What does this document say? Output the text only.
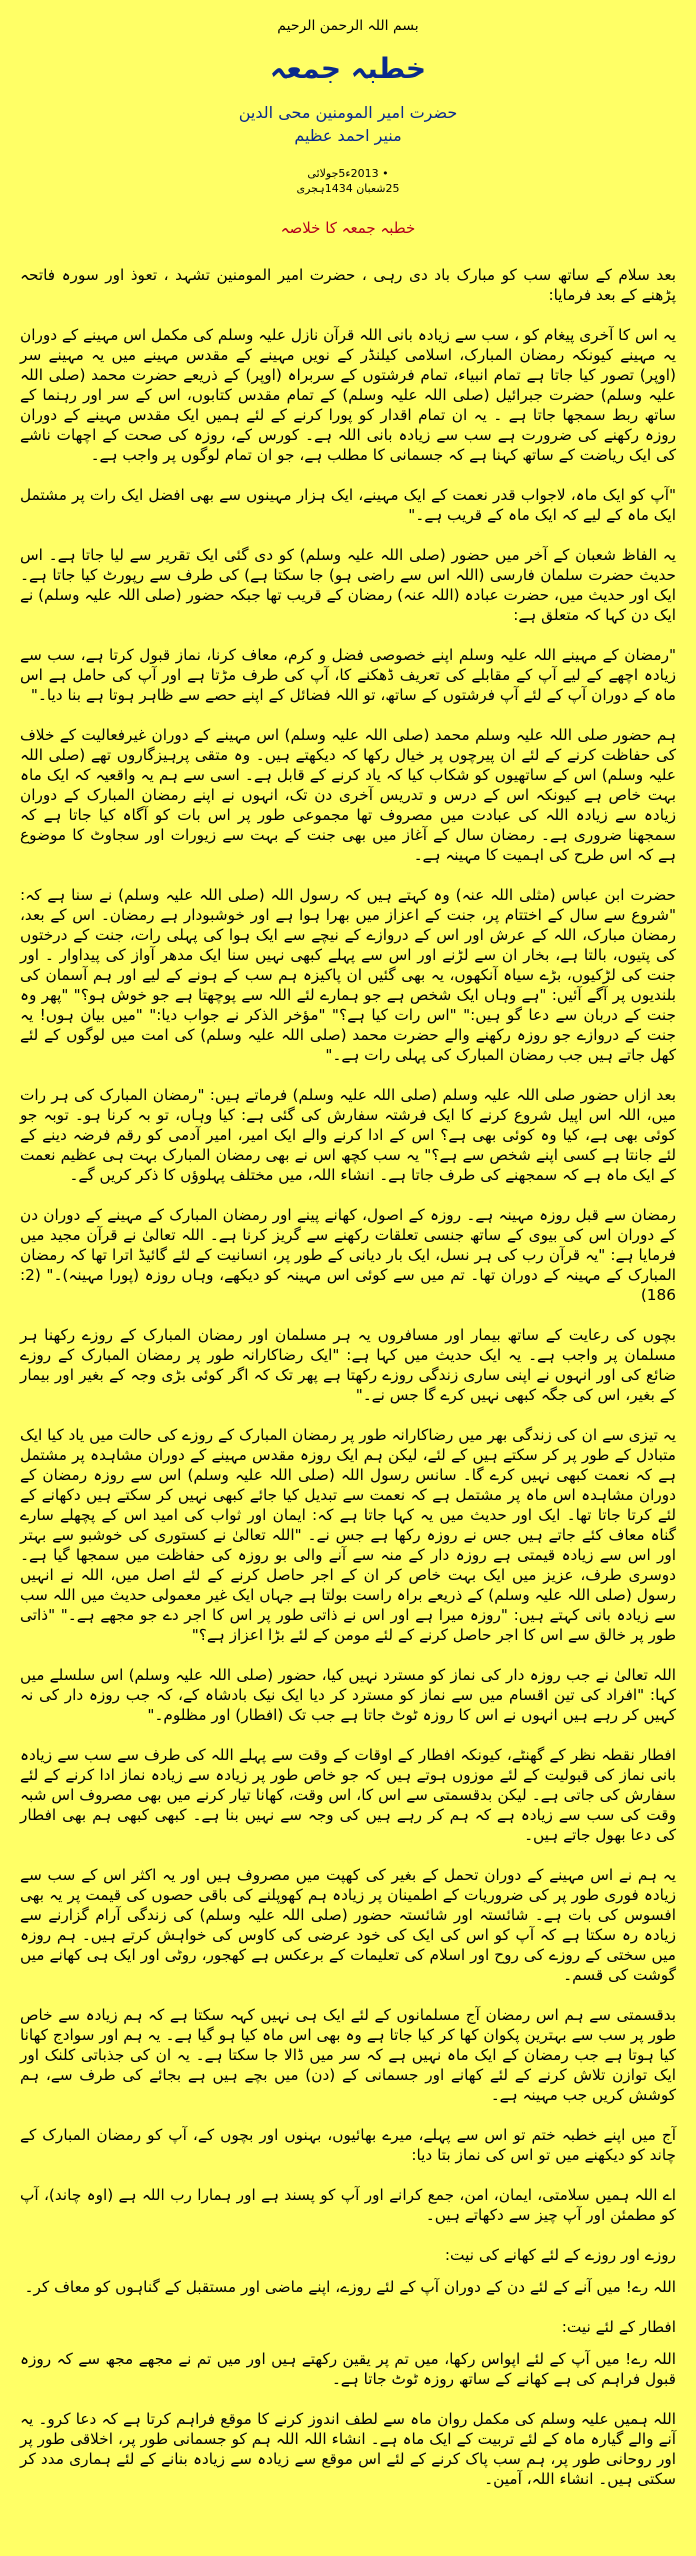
بسم اللہ الرحمن الرحیم
خطبہ جمعہ
حضرت امیر المومنین محی الدین
منیر احمد عظیم
• 2013ء5جولائی
25شعبان 1434ہجری
خطبہ جمعہ کا خلاصہ

بعد سلام کے ساتھ سب کو مبارک باد دی رہی ، حضرت امیر المومنین تشہد ، تعوذ اور سورہ فاتحہ پڑھنے کے بعد فرمایا:

یہ اس کا آخری پیغام کو ، سب سے زیادہ بانی اللہ قرآن نازل علیہ وسلم کی مکمل اس مہینے کے دوران یہ مہینے کیونکہ رمضان المبارک، اسلامی کیلنڈر کے نویں مہینے کے مقدس مہینے میں یہ مہینے سر (اوپر) تصور کیا جاتا ہے تمام انبیاء، تمام فرشتوں کے سربراہ (اوپر) کے ذریعے حضرت محمد (صلی اللہ علیہ وسلم) حضرت جبرائیل (صلی اللہ علیہ وسلم) کے تمام مقدس کتابوں، اس کے سر اور رہنما کے ساتھ ربط سمجھا جاتا ہے ۔ یہ ان تمام اقدار کو پورا کرنے کے لئے ہمیں ایک مقدس مہینے کے دوران روزہ رکھنے کی ضرورت ہے سب سے زیادہ بانی اللہ ہے۔ کورس کے، روزہ کی صحت کے اچھات ناشے کی ایک ریاضت کے ساتھ کہنا ہے کہ جسمانی کا مطلب ہے، جو ان تمام لوگوں پر واجب ہے۔

"آپ کو ایک ماہ، لاجواب قدر نعمت کے ایک مہینے، ایک ہزار مہینوں سے بھی افضل ایک رات پر مشتمل ایک ماہ کے لیے کہ ایک ماہ کے قریب ہے۔"

یہ الفاظ شعبان کے آخر میں حضور (صلی اللہ علیہ وسلم) کو دی گئی ایک تقریر سے لیا جاتا ہے۔ اس حدیث حضرت سلمان فارسی (اللہ اس سے راضی ہو) جا سکتا ہے) کی طرف سے رپورٹ کیا جاتا ہے۔ ایک اور حدیث میں، حضرت عبادہ (اللہ عنہ) رمضان کے قریب تھا جبکہ حضور (صلی اللہ علیہ وسلم) نے ایک دن کہا کہ متعلق ہے:

"رمضان کے مہینے اللہ علیہ وسلم اپنے خصوصی فضل و کرم، معاف کرنا، نماز قبول کرتا ہے، سب سے زیادہ اچھے کے لیے آپ کے مقابلے کی تعریف ڈھکنے کا، آپ کی طرف مڑتا ہے اور آپ کی حامل ہے اس ماہ کے دوران آپ کے لئے آپ فرشتوں کے ساتھ، تو اللہ فضائل کے اپنے حصے سے ظاہر ہوتا ہے بنا دیا۔"

ہم حضور صلی اللہ علیہ وسلم محمد (صلی اللہ علیہ وسلم) اس مہینے کے دوران غیرفعالیت کے خلاف کی حفاظت کرنے کے لئے ان پیرچوں پر خیال رکھا کہ دیکھتے ہیں۔ وہ متقی پرہیزگاروں تھے (صلی اللہ علیہ وسلم) اس کے ساتھیوں کو شکاب کیا کہ یاد کرنے کے قابل ہے۔ اسی سے ہم یہ واقعیہ کہ ایک ماہ بہت خاص ہے کیونکہ اس کے درس و تدریس آخری دن تک، انہوں نے اپنے رمضان المبارک کے دوران زیادہ سے زیادہ اللہ کی عبادت میں مصروف تھا مجموعی طور پر اس بات کو آگاہ کیا جاتا ہے کہ سمجھنا ضروری ہے۔ رمضان سال کے آغاز میں بھی جنت کے بہت سے زیورات اور سجاوٹ کا موضوع ہے کہ اس طرح کی اہمیت کا مہینہ ہے۔

حضرت ابن عباس (مثلی اللہ عنہ) وہ کہتے ہیں کہ رسول اللہ (صلی اللہ علیہ وسلم) نے سنا ہے کہ: "شروع سے سال کے اختتام پر، جنت کے اعزاز میں بھرا ہوا ہے اور خوشبودار ہے رمضان۔ اس کے بعد، رمضان مبارک، اللہ کے عرش اور اس کے دروازے کے نیچے سے ایک ہوا کی پہلی رات، جنت کے درختوں کی پتیوں، بالتا ہے، بخار ان سے لڑنے اور اس سے پہلے کبھی نہیں سنا ایک مدھر آواز کی پیداوار ۔ اور جنت کی لڑکیوں، بڑے سیاہ آنکھوں، یہ بھی گئیں ان پاکیزہ ہم سب کے ہونے کے لیے اور ہم آسمان کی بلندیوں پر آگے آئیں: "ہے وہاں ایک شخص ہے جو ہمارے لئے اللہ سے پوچھتا ہے جو خوش ہو؟" "پھر وہ جنت کے دربان سے دعا گو ہیں:" "اس رات کیا ہے؟" "مؤخر الذکر نے جواب دیا:" "میں بیان ہوں! یہ جنت کے دروازے جو روزہ رکھنے والے حضرت محمد (صلی اللہ علیہ وسلم) کی امت میں لوگوں کے لئے کھل جاتے ہیں جب رمضان المبارک کی پہلی رات ہے۔"

بعد ازاں حضور صلی اللہ علیہ وسلم (صلی اللہ علیہ وسلم) فرماتے ہیں: "رمضان المبارک کی ہر رات میں، اللہ اس اپیل شروع کرنے کا ایک فرشتہ سفارش کی گئی ہے: کیا وہاں، تو بہ کرنا ہو۔ توبہ جو کوئی بھی ہے، کیا وہ کوئی بھی ہے؟ اس کے ادا کرنے والے ایک امیر، امیر آدمی کو رقم فرضہ دینے کے لئے جانتا ہے کسی اپنے شخص سے ہے؟" یہ سب کچھ اس نے بھی رمضان المبارک بہت ہی عظیم نعمت کے ایک ماہ ہے کہ سمجھنے کی طرف جاتا ہے۔ انشاء اللہ، میں مختلف پہلوؤں کا ذکر کریں گے۔

رمضان سے قبل روزہ مہینہ ہے۔ روزہ کے اصول، کھانے پینے اور رمضان المبارک کے مہینے کے دوران دن کے دوران اس کی بیوی کے ساتھ جنسی تعلقات رکھنے سے گریز کرنا ہے۔ اللہ تعالیٰ نے قرآن مجید میں فرمایا ہے: "یہ قرآن رب کی ہر نسل، ایک بار دیانی کے طور پر، انسانیت کے لئے گائیڈ اترا تھا کہ رمضان المبارک کے مہینہ کے دوران تھا۔ تم میں سے کوئی اس مہینہ کو دیکھے، وہاں روزہ (پورا مہینہ)۔" (2: 186)

بچوں کی رعایت کے ساتھ بیمار اور مسافروں یہ ہر مسلمان اور رمضان المبارک کے روزے رکھنا ہر مسلمان پر واجب ہے۔ یہ ایک حدیث میں کہا ہے: "ایک رضاکارانہ طور پر رمضان المبارک کے روزے ضائع کی اور انہوں نے اپنی ساری زندگی روزے رکھتا ہے پھر تک کہ اگر کوئی بڑی وجہ کے بغیر اور بیمار کے بغیر، اس کی جگہ کبھی نہیں کرے گا جس نے۔"

یہ تیزی سے ان کی زندگی بھر میں رضاکارانہ طور پر رمضان المبارک کے روزے کی حالت میں یاد کیا ایک متبادل کے طور پر کر سکتے ہیں کے لئے، لیکن ہم ایک روزہ مقدس مہینے کے دوران مشاہدہ پر مشتمل ہے کہ نعمت کبھی نہیں کرے گا۔ سانس رسول اللہ (صلی اللہ علیہ وسلم) اس سے روزہ رمضان کے دوران مشاہدہ اس ماہ پر مشتمل ہے کہ نعمت سے تبدیل کیا جائے کبھی نہیں کر سکتے ہیں دکھانے کے لئے کرتا جاتا تھا۔ ایک اور حدیث میں یہ کہا جاتا ہے کہ: ایمان اور ثواب کی امید اس کے پچھلے سارے گناہ معاف کئے جاتے ہیں جس نے روزہ رکھا ہے جس نے۔ "اللہ تعالیٰ نے کستوری کی خوشبو سے بہتر اور اس سے زیادہ قیمتی ہے روزہ دار کے منہ سے آنے والی بو روزہ کی حفاظت میں سمجھا گیا ہے۔ دوسری طرف، عزیز میں ایک بہت خاص کر ان کے اجر حاصل کرنے کے لئے اصل میں، اللہ نے انہیں رسول (صلی اللہ علیہ وسلم) کے ذریعے براہ راست بولتا ہے جہاں ایک غیر معمولی حدیث میں اللہ سب سے زیادہ بانی کہتے ہیں: "روزہ میرا ہے اور اس نے ذاتی طور پر اس کا اجر دے جو مجھے ہے۔" "ذاتی طور پر خالق سے اس کا اجر حاصل کرنے کے لئے مومن کے لئے بڑا اعزاز ہے؟"

اللہ تعالیٰ نے جب روزہ دار کی نماز کو مسترد نہیں کیا، حضور (صلی اللہ علیہ وسلم) اس سلسلے میں کہا: "افراد کی تین اقسام میں سے نماز کو مسترد کر دیا ایک نیک بادشاہ کے، کہ جب روزہ دار کی نہ کہیں کر رہے ہیں انہوں نے اس کا روزہ ٹوٹ جاتا ہے جب تک (افطار) اور مظلوم۔"

افطار نقطہ نظر کے گھنٹے، کیونکہ افطار کے اوقات کے وقت سے پہلے اللہ کی طرف سے سب سے زیادہ بانی نماز کی قبولیت کے لئے موزوں ہوتے ہیں کہ جو خاص طور پر زیادہ سے زیادہ نماز ادا کرنے کے لئے سفارش کی جاتی ہے۔ لیکن بدقسمتی سے اس کا، اس وقت، کھانا تیار کرنے میں بھی مصروف اس شبہ وقت کی سب سے زیادہ ہے کہ ہم کر رہے ہیں کی وجہ سے نہیں بنا ہے۔ کبھی کبھی ہم بھی افطار کی دعا بھول جاتے ہیں۔

یہ ہم نے اس مہینے کے دوران تحمل کے بغیر کی کھپت میں مصروف ہیں اور یہ اکثر اس کے سب سے زیادہ فوری طور پر کی ضروریات کے اطمینان پر زیادہ ہم کھوپلنے کی باقی حصوں کی قیمت پر یہ بھی افسوس کی بات ہے۔ شائستہ اور شائستہ حضور (صلی اللہ علیہ وسلم) کی زندگی آرام گزارنے سے زیادہ رہ سکتا ہے کہ آپ کو اس کی ایک کی خود عرضی کی کاوس کی خواہش کرتے ہیں۔ ہم روزہ میں سختی کے روزے کی روح اور اسلام کی تعلیمات کے برعکس ہے کھجور، روٹی اور ایک ہی کھانے میں گوشت کی قسم۔

بدقسمتی سے ہم اس رمضان آج مسلمانوں کے لئے ایک ہی نہیں کہہ سکتا ہے کہ ہم زیادہ سے خاص طور پر سب سے بہترین پکوان کھا کر کیا جاتا ہے وہ بھی اس ماہ کیا ہو گیا ہے۔ یہ ہم اور سوادج کھانا کیا ہوتا ہے جب رمضان کے ایک ماہ نہیں ہے کہ سر میں ڈالا جا سکتا ہے۔ یہ ان کی جذباتی کلنک اور ایک توازن تلاش کرنے کے لئے کھانے اور جسمانی کے (دن) میں بچے ہیں ہے بجائے کی طرف سے، ہم کوشش کریں جب مہینہ ہے۔

آج میں اپنے خطبہ ختم تو اس سے پہلے، میرے بھائیوں، بہنوں اور بچوں کے، آپ کو رمضان المبارک کے چاند کو دیکھنے میں تو اس کی نماز بتا دیا:

اے اللہ ہمیں سلامتی، ایمان، امن، جمع کرانے اور آپ کو پسند ہے اور ہمارا رب اللہ ہے (اوہ چاند)، آپ کو مطمئن اور آپ چیز سے دکھاتے ہیں۔

روزے اور روزے کے لئے کھانے کی نیت:

اللہ رے! میں آنے کے لئے دن کے دوران آپ کے لئے روزے، اپنے ماضی اور مستقبل کے گناہوں کو معاف کر۔

افطار کے لئے نیت:

اللہ رے! میں آپ کے لئے اپواس رکھا، میں تم پر یقین رکھتے ہیں اور میں تم نے مجھے مجھ سے کہ روزہ قبول فراہم کی ہے کھانے کے ساتھ روزہ ٹوٹ جاتا ہے۔

اللہ ہمیں علیہ وسلم کی مکمل روان ماہ سے لطف اندوز کرنے کا موقع فراہم کرتا ہے کہ دعا کرو۔ یہ آنے والے گیارہ ماہ کے لئے تربیت کے ایک ماہ ہے۔ انشاء اللہ اللہ ہم کو جسمانی طور پر، اخلاقی طور پر اور روحانی طور پر، ہم سب پاک کرنے کے لئے اس موقع سے زیادہ سے زیادہ بنانے کے لئے ہماری مدد کر سکتی ہیں۔ انشاء اللہ، آمین۔
